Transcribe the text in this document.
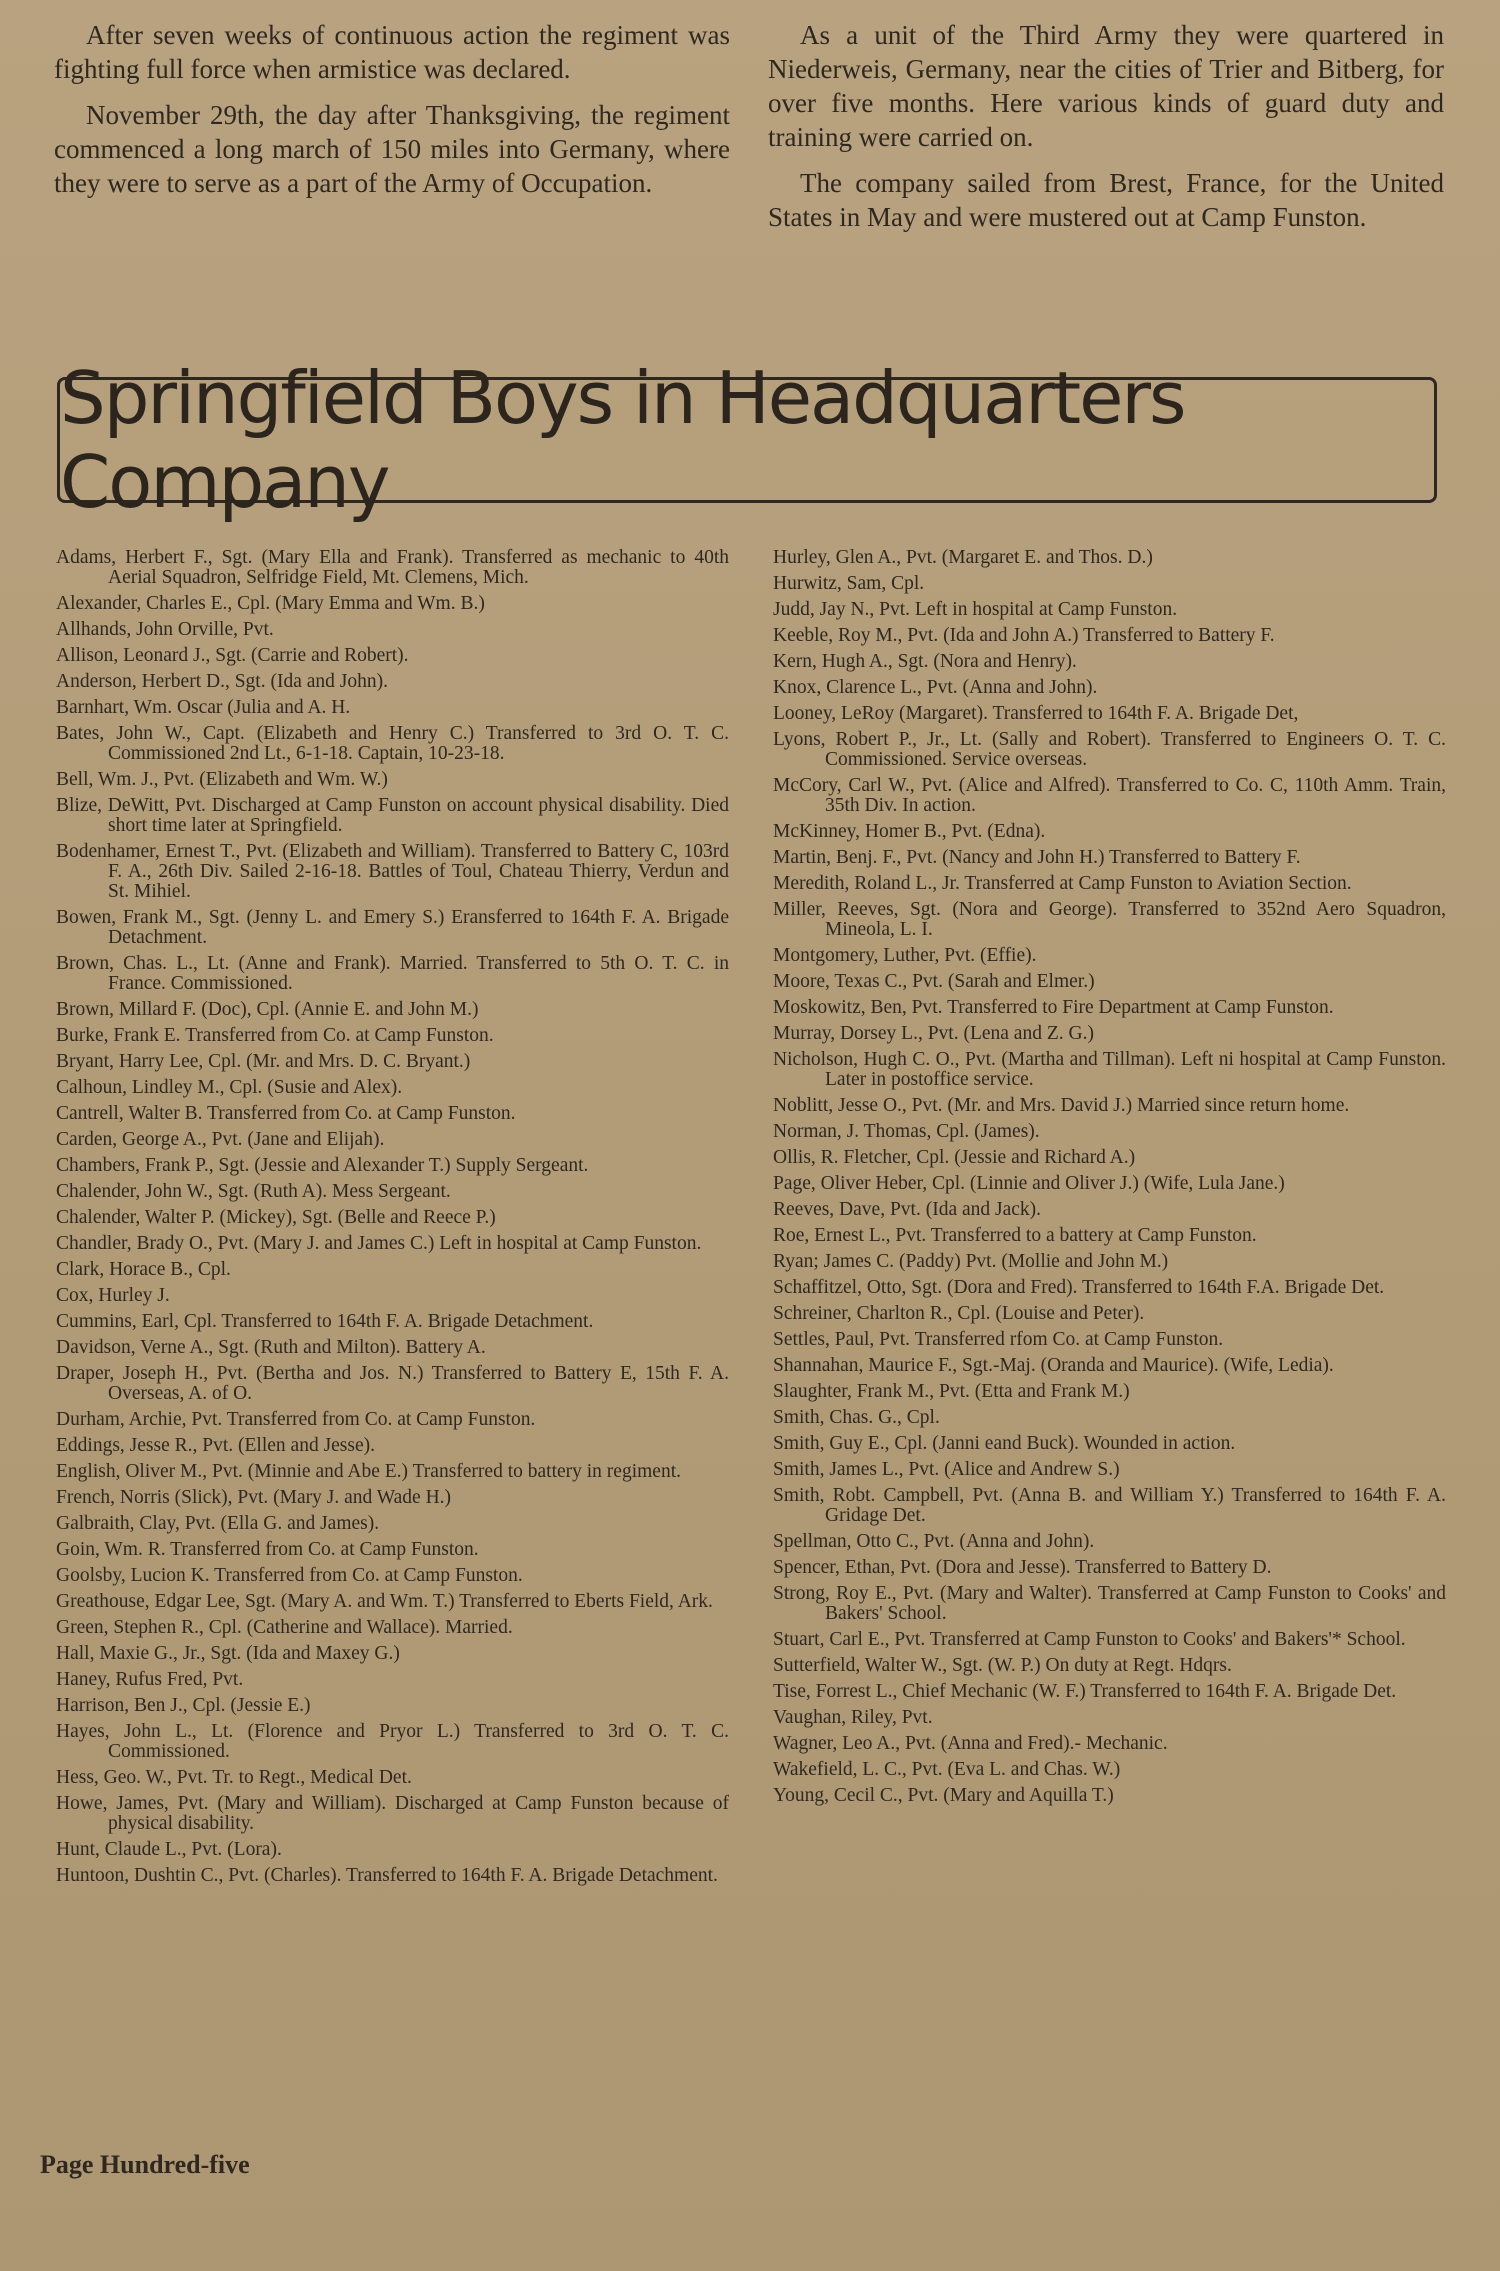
After seven weeks of continuous action the regiment was fighting full force when armistice was declared.

November 29th, the day after Thanksgiving, the regiment commenced a long march of 150 miles into Germany, where they were to serve as a part of the Army of Occupation.

As a unit of the Third Army they were quartered in Niederweis, Germany, near the cities of Trier and Bitberg, for over five months. Here various kinds of guard duty and training were carried on.

The company sailed from Brest, France, for the United States in May and were mustered out at Camp Funston.

Springfield Boys in Headquarters Company
Adams, Herbert F., Sgt. (Mary Ella and Frank). Transferred as mechanic to 40th Aerial Squadron, Selfridge Field, Mt. Clemens, Mich.
Alexander, Charles E., Cpl. (Mary Emma and Wm. B.)
Allhands, John Orville, Pvt.
Allison, Leonard J., Sgt. (Carrie and Robert).
Anderson, Herbert D., Sgt. (Ida and John).
Barnhart, Wm. Oscar (Julia and A. H.
Bates, John W., Capt. (Elizabeth and Henry C.) Transferred to 3rd O. T. C. Commissioned 2nd Lt., 6-1-18. Captain, 10-23-18.
Bell, Wm. J., Pvt. (Elizabeth and Wm. W.)
Blize, DeWitt, Pvt. Discharged at Camp Funston on account physical disability. Died short time later at Springfield.
Bodenhamer, Ernest T., Pvt. (Elizabeth and William). Transferred to Battery C, 103rd F. A., 26th Div. Sailed 2-16-18. Battles of Toul, Chateau Thierry, Verdun and St. Mihiel.
Bowen, Frank M., Sgt. (Jenny L. and Emery S.) Eransferred to 164th F. A. Brigade Detachment.
Brown, Chas. L., Lt. (Anne and Frank). Married. Transferred to 5th O. T. C. in France. Commissioned.
Brown, Millard F. (Doc), Cpl. (Annie E. and John M.)
Burke, Frank E. Transferred from Co. at Camp Funston.
Bryant, Harry Lee, Cpl. (Mr. and Mrs. D. C. Bryant.)
Calhoun, Lindley M., Cpl. (Susie and Alex).
Cantrell, Walter B. Transferred from Co. at Camp Funston.
Carden, George A., Pvt. (Jane and Elijah).
Chambers, Frank P., Sgt. (Jessie and Alexander T.) Supply Sergeant.
Chalender, John W., Sgt. (Ruth A). Mess Sergeant.
Chalender, Walter P. (Mickey), Sgt. (Belle and Reece P.)
Chandler, Brady O., Pvt. (Mary J. and James C.) Left in hospital at Camp Funston.
Clark, Horace B., Cpl.
Cox, Hurley J.
Cummins, Earl, Cpl. Transferred to 164th F. A. Brigade Detachment.
Davidson, Verne A., Sgt. (Ruth and Milton). Battery A.
Draper, Joseph H., Pvt. (Bertha and Jos. N.) Transferred to Battery E, 15th F. A. Overseas, A. of O.
Durham, Archie, Pvt. Transferred from Co. at Camp Funston.
Eddings, Jesse R., Pvt. (Ellen and Jesse).
English, Oliver M., Pvt. (Minnie and Abe E.) Transferred to battery in regiment.
French, Norris (Slick), Pvt. (Mary J. and Wade H.)
Galbraith, Clay, Pvt. (Ella G. and James).
Goin, Wm. R. Transferred from Co. at Camp Funston.
Goolsby, Lucion K. Transferred from Co. at Camp Funston.
Greathouse, Edgar Lee, Sgt. (Mary A. and Wm. T.) Transferred to Eberts Field, Ark.
Green, Stephen R., Cpl. (Catherine and Wallace). Married.
Hall, Maxie G., Jr., Sgt. (Ida and Maxey G.)
Haney, Rufus Fred, Pvt.
Harrison, Ben J., Cpl. (Jessie E.)
Hayes, John L., Lt. (Florence and Pryor L.) Transferred to 3rd O. T. C. Commissioned.
Hess, Geo. W., Pvt. Tr. to Regt., Medical Det.
Howe, James, Pvt. (Mary and William). Discharged at Camp Funston because of physical disability.
Hunt, Claude L., Pvt. (Lora).
Huntoon, Dushtin C., Pvt. (Charles). Transferred to 164th F. A. Brigade Detachment.
Hurley, Glen A., Pvt. (Margaret E. and Thos. D.)
Hurwitz, Sam, Cpl.
Judd, Jay N., Pvt. Left in hospital at Camp Funston.
Keeble, Roy M., Pvt. (Ida and John A.) Transferred to Battery F.
Kern, Hugh A., Sgt. (Nora and Henry).
Knox, Clarence L., Pvt. (Anna and John).
Looney, LeRoy (Margaret). Transferred to 164th F. A. Brigade Det,
Lyons, Robert P., Jr., Lt. (Sally and Robert). Transferred to Engineers O. T. C. Commissioned. Service overseas.
McCory, Carl W., Pvt. (Alice and Alfred). Transferred to Co. C, 110th Amm. Train, 35th Div. In action.
McKinney, Homer B., Pvt. (Edna).
Martin, Benj. F., Pvt. (Nancy and John H.) Transferred to Battery F.
Meredith, Roland L., Jr. Transferred at Camp Funston to Aviation Section.
Miller, Reeves, Sgt. (Nora and George). Transferred to 352nd Aero Squadron, Mineola, L. I.
Montgomery, Luther, Pvt. (Effie).
Moore, Texas C., Pvt. (Sarah and Elmer.)
Moskowitz, Ben, Pvt. Transferred to Fire Department at Camp Funston.
Murray, Dorsey L., Pvt. (Lena and Z. G.)
Nicholson, Hugh C. O., Pvt. (Martha and Tillman). Left ni hospital at Camp Funston. Later in postoffice service.
Noblitt, Jesse O., Pvt. (Mr. and Mrs. David J.) Married since return home.
Norman, J. Thomas, Cpl. (James).
Ollis, R. Fletcher, Cpl. (Jessie and Richard A.)
Page, Oliver Heber, Cpl. (Linnie and Oliver J.) (Wife, Lula Jane.)
Reeves, Dave, Pvt. (Ida and Jack).
Roe, Ernest L., Pvt. Transferred to a battery at Camp Funston.
Ryan; James C. (Paddy) Pvt. (Mollie and John M.)
Schaffitzel, Otto, Sgt. (Dora and Fred). Transferred to 164th F.A. Brigade Det.
Schreiner, Charlton R., Cpl. (Louise and Peter).
Settles, Paul, Pvt. Transferred rfom Co. at Camp Funston.
Shannahan, Maurice F., Sgt.-Maj. (Oranda and Maurice). (Wife, Ledia).
Slaughter, Frank M., Pvt. (Etta and Frank M.)
Smith, Chas. G., Cpl.
Smith, Guy E., Cpl. (Janni eand Buck). Wounded in action.
Smith, James L., Pvt. (Alice and Andrew S.)
Smith, Robt. Campbell, Pvt. (Anna B. and William Y.) Transferred to 164th F. A. Gridage Det.
Spellman, Otto C., Pvt. (Anna and John).
Spencer, Ethan, Pvt. (Dora and Jesse). Transferred to Battery D.
Strong, Roy E., Pvt. (Mary and Walter). Transferred at Camp Funston to Cooks' and Bakers' School.
Stuart, Carl E., Pvt. Transferred at Camp Funston to Cooks' and Bakers'* School.
Sutterfield, Walter W., Sgt. (W. P.) On duty at Regt. Hdqrs.
Tise, Forrest L., Chief Mechanic (W. F.) Transferred to 164th F. A. Brigade Det.
Vaughan, Riley, Pvt.
Wagner, Leo A., Pvt. (Anna and Fred).- Mechanic.
Wakefield, L. C., Pvt. (Eva L. and Chas. W.)
Young, Cecil C., Pvt. (Mary and Aquilla T.)
Page Hundred-five
